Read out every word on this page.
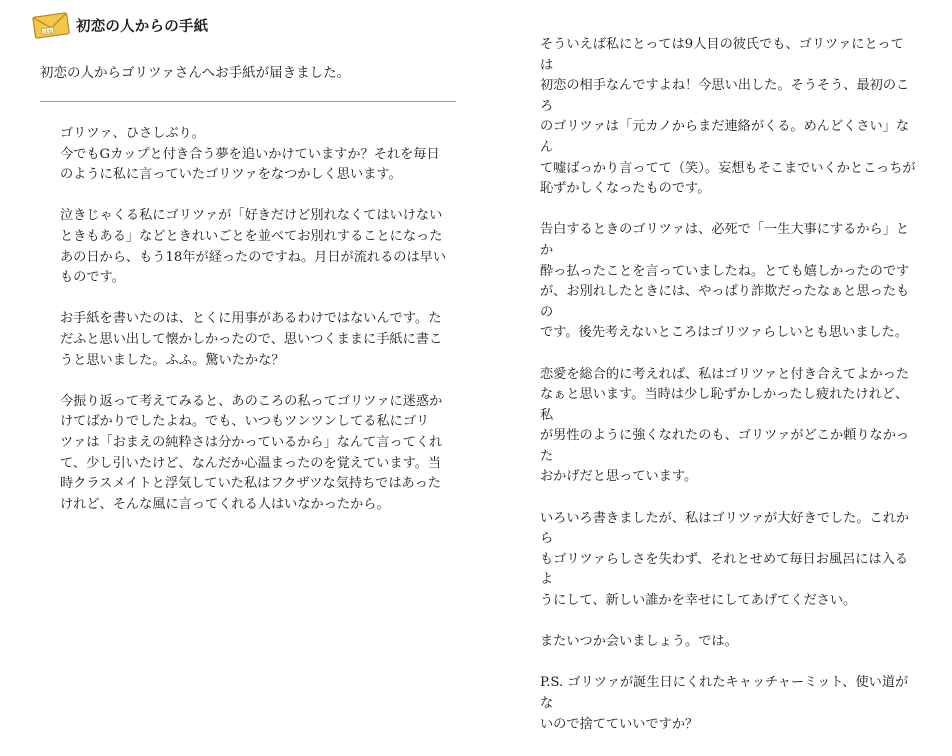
ほな 初恋の人からの手紙
初恋の人からゴリツァさんへお手紙が届きました。

ゴリツァ、ひさしぶり。
今でもGカップと付き合う夢を追いかけていますか？それを毎日
のように私に言っていたゴリツァをなつかしく思います。

泣きじゃくる私にゴリツァが「好きだけど別れなくてはいけない
ときもある」などときれいごとを並べてお別れすることになった
あの日から、もう18年が経ったのですね。月日が流れるのは早い
ものです。

お手紙を書いたのは、とくに用事があるわけではないんです。た
だふと思い出して懐かしかったので、思いつくままに手紙に書こ
うと思いました。ふふ。驚いたかな？

今振り返って考えてみると、あのころの私ってゴリツァに迷惑か
けてばかりでしたよね。でも、いつもツンツンしてる私にゴリ
ツァは「おまえの純粋さは分かっているから」なんて言ってくれ
て、少し引いたけど、なんだか心温まったのを覚えています。当
時クラスメイトと浮気していた私はフクザツな気持ちではあった
けれど、そんな風に言ってくれる人はいなかったから。

そういえば私にとっては9人目の彼氏でも、ゴリツァにとっては
初恋の相手なんですよね！今思い出した。そうそう、最初のころ
のゴリツァは「元カノからまだ連絡がくる。めんどくさい」なん
て嘘ばっかり言ってて（笑）。妄想もそこまでいくかとこっちが
恥ずかしくなったものです。

告白するときのゴリツァは、必死で「一生大事にするから」とか
酔っ払ったことを言っていましたね。とても嬉しかったのです
が、お別れしたときには、やっぱり詐欺だったなぁと思ったもの
です。後先考えないところはゴリツァらしいとも思いました。

恋愛を総合的に考えれば、私はゴリツァと付き合えてよかった
なぁと思います。当時は少し恥ずかしかったし疲れたけれど、私
が男性のように強くなれたのも、ゴリツァがどこか頼りなかった
おかげだと思っています。

いろいろ書きましたが、私はゴリツァが大好きでした。これから
もゴリツァらしさを失わず、それとせめて毎日お風呂には入るよ
うにして、新しい誰かを幸せにしてあげてください。

またいつか会いましょう。では。

P.S. ゴリツァが誕生日にくれたキャッチャーミット、使い道がな
いので捨てていいですか？
